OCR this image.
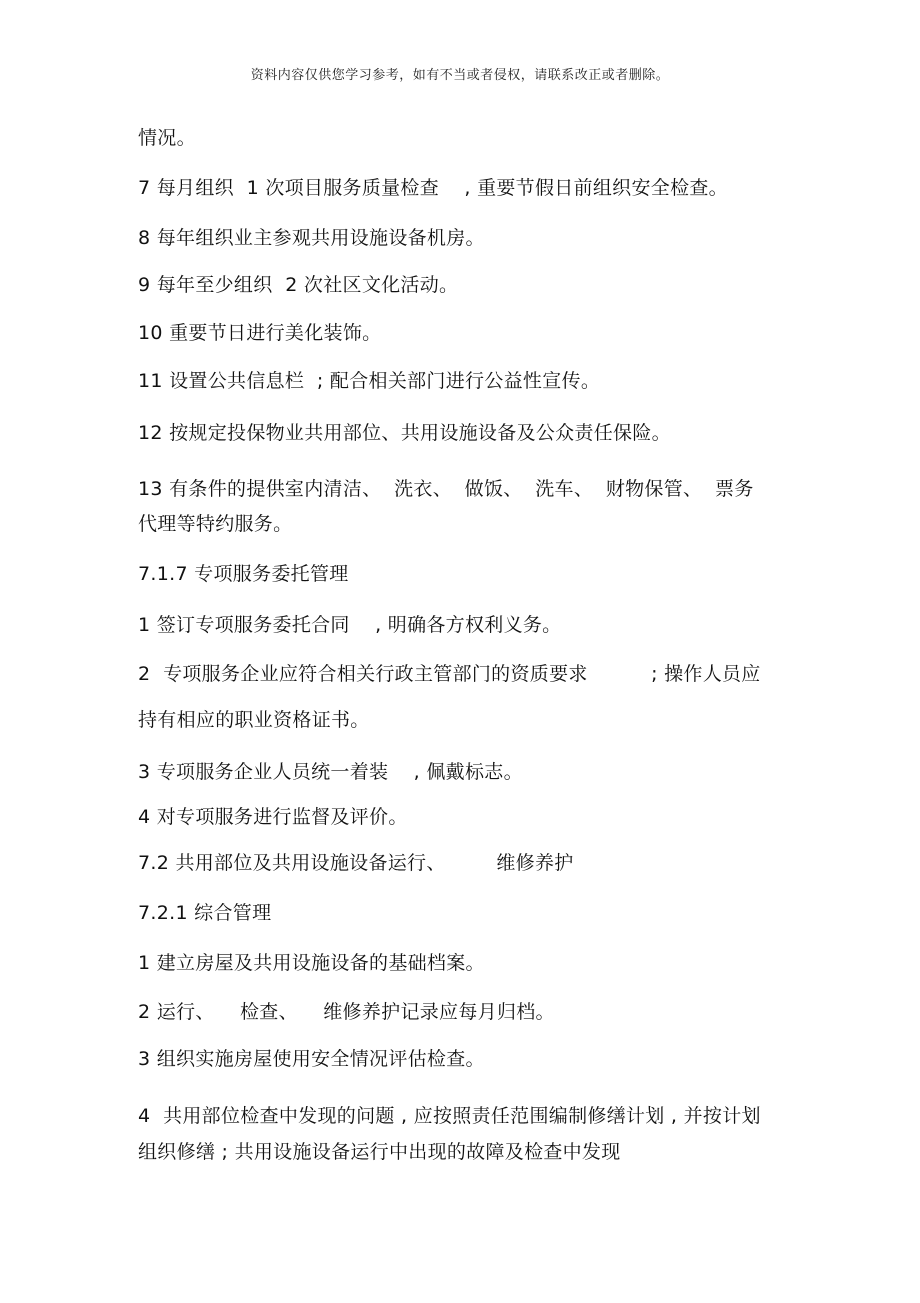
资料内容仅供您学习参考，如有不当或者侵权，请联系改正或者删除。
情况。
7 每月组织  1 次项目服务质量检查    , 重要节假日前组织安全检查。
8 每年组织业主参观共用设施设备机房。
9 每年至少组织  2 次社区文化活动。
10 重要节日进行美化装饰。
11 设置公共信息栏  ; 配合相关部门进行公益性宣传。
12 按规定投保物业共用部位、共用设施设备及公众责任保险。
13 有条件的提供室内清洁、  洗衣、  做饭、  洗车、  财物保管、  票务
代理等特约服务。
7.1.7 专项服务委托管理
1 签订专项服务委托合同    , 明确各方权利义务。
2  专项服务企业应符合相关行政主管部门的资质要求          ; 操作人员应
持有相应的职业资格证书。
3 专项服务企业人员统一着装    , 佩戴标志。
4 对专项服务进行监督及评价。
7.2 共用部位及共用设施设备运行、        维修养护
7.2.1 综合管理
1 建立房屋及共用设施设备的基础档案。
2 运行、    检查、    维修养护记录应每月归档。
3 组织实施房屋使用安全情况评估检查。
4  共用部位检查中发现的问题 , 应按照责任范围编制修缮计划 , 并按计划
组织修缮 ; 共用设施设备运行中出现的故障及检查中发现
